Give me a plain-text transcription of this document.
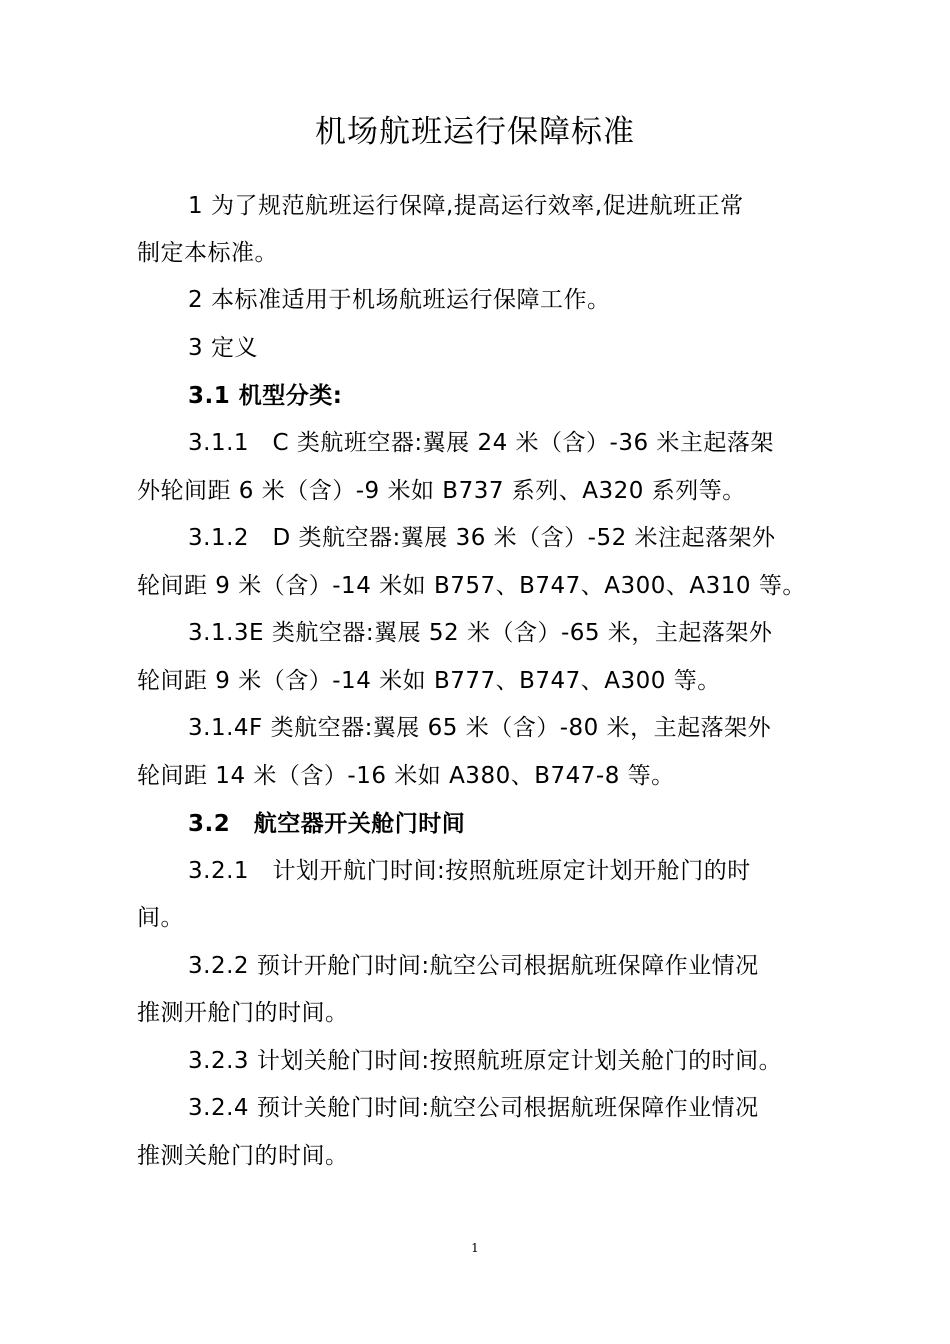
机场航班运行保障标准
1 为了规范航班运行保障,提高运行效率,促进航班正常
制定本标准。
2 本标准适用于机场航班运行保障工作。
3 定义
3.1 机型分类:
3.1.1　C 类航班空器:翼展 24 米（含）-36 米主起落架
外轮间距 6 米（含）-9 米如 B737 系列、A320 系列等。
3.1.2　D 类航空器:翼展 36 米（含）-52 米注起落架外
轮间距 9 米（含）-14 米如 B757、B747、A300、A310 等。
3.1.3E 类航空器:翼展 52 米（含）-65 米，主起落架外
轮间距 9 米（含）-14 米如 B777、B747、A300 等。
3.1.4F 类航空器:翼展 65 米（含）-80 米，主起落架外
轮间距 14 米（含）-16 米如 A380、B747-8 等。
3.2　航空器开关舱门时间
3.2.1　计划开航门时间:按照航班原定计划开舱门的时
间。
3.2.2 预计开舱门时间:航空公司根据航班保障作业情况
推测开舱门的时间。
3.2.3 计划关舱门时间:按照航班原定计划关舱门的时间。
3.2.4 预计关舱门时间:航空公司根据航班保障作业情况
推测关舱门的时间。
1
